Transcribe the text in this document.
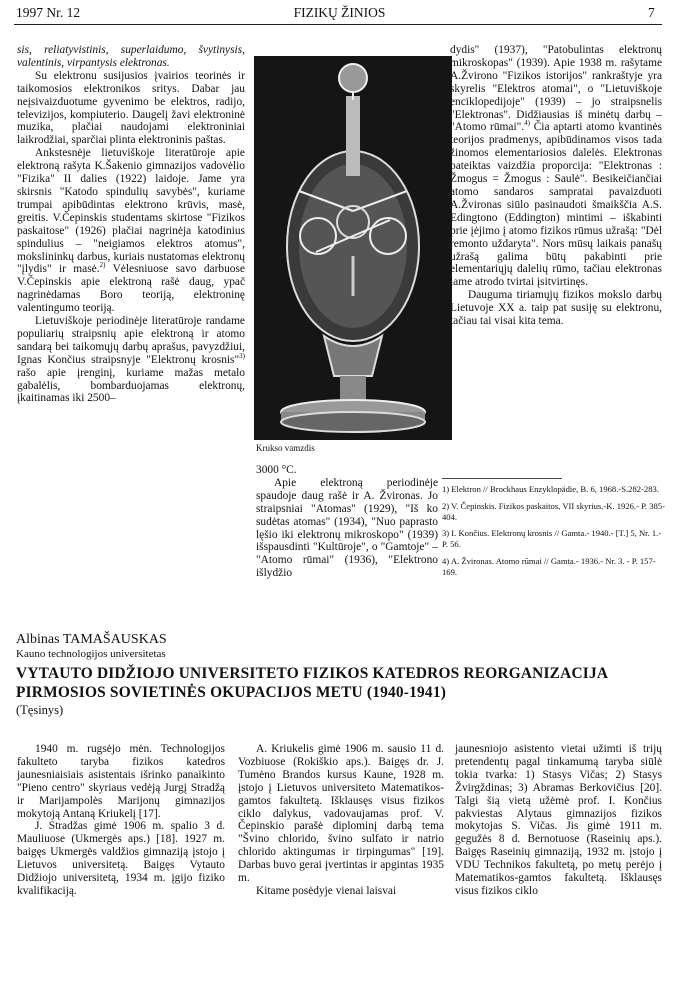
1997 Nr. 12	FIZIKŲ ŽINIOS	7

sis, reliatyvistinis, superlaidumo, švytinysis, valentinis, virpantysis elektronas.

Su elektronu susijusios įvairios teorinės ir taikomosios elektronikos sritys. Dabar jau neįsivaizduotume gyvenimo be elektros, radijo, televizijos, kompiuterio. Daugelį žavi elektroninė muzika, plačiai naudojami elektroniniai laikrodžiai, sparčiai plinta elektroninis paštas.

Ankstesnėje lietuviškoje literatūroje apie elektroną rašyta K.Šakenio gimnazijos vadovėlio "Fizika" II dalies (1922) laidoje. Jame yra skirsnis "Katodo spindulių savybės", kuriame trumpai apibūdintas elektrono krūvis, masė, greitis. V.Čepinskis studentams skirtose "Fizikos paskaitose" (1926) plačiai nagrinėja katodinius spindulius – "neigiamos elektros atomus", mokslininkų darbus, kuriais nustatomas elektronų "įlydis" ir masė.$^{2)}$ Vėlesniuose savo darbuose V.Čepinskis apie elektroną rašė daug, ypač nagrinėdamas Boro teoriją, elektroninę valentingumo teoriją.

Lietuviškoje periodinėje literatūroje randame populiarių straipsnių apie elektroną ir atomo sandarą bei taikomųjų darbų aprašus, pavyzdžiui, Ignas Končius straipsnyje "Elektronų krosnis"$^{3)}$ rašo apie įrenginį, kuriame mažas metalo gabalėlis, bombarduojamas elektronų, įkaitinamas iki 2500–

Kruksо vamzdis

3000 °C.

Apie elektroną periodinėje spaudoje daug rašė ir A. Žvironas. Jo straipsniai "Atomas" (1929), "Iš ko sudėtas atomas" (1934), "Nuo paprasto lęšio iki elektronų mikroskopo" (1939) išspausdinti "Kultūroje", o "Gamtoje" – "Atomo rūmai" (1936), "Elektrono išlydžio

dydis" (1937), "Patobulintas elektronų mikroskopas" (1939). Apie 1938 m. rašytame A.Žvirono "Fizikos istorijos" rankraštyje yra skyrelis "Elektros atomai", o "Lietuviškoje enciklopedijoje" (1939) – jo straipsnelis "Elektronas". Didžiausias iš minėtų darbų – "Atomo rūmai".$^{4)}$ Čia aptarti atomo kvantinės teorijos pradmenys, apibūdinamos visos tada žinomos elementariosios dalelės. Elektronas pateiktas vaizdžia proporcija: "Elektronas : Žmogus = Žmogus : Saulė". Besikeičiančiai atomo sandaros sampratai pavaizduoti A.Žvironas siūlo pasinaudoti šmaikščia A.S. Edingtono (Eddington) mintimi – iškabinti prie įėjimo į atomo fizikos rūmus užrašą: "Dėl remonto uždaryta". Nors mūsų laikais panašų užrašą galima būtų pakabinti prie elementariųjų dalelių rūmo, tačiau elektronas jame atrodo tvirtai įsitvirtinęs.

Dauguma tiriamųjų fizikos mokslo darbų Lietuvoje XX a. taip pat susiję su elektronu, tačiau tai visai kita tema.

1) Elektron // Brockhaus Enzyklopädie, B. 6, 1968.-S.282-283.

2) V. Čepinskis. Fizikos paskaitos, VII skyrius.-K. 1926.- P. 385-404.

3) I. Končius. Elektronų krosnis // Gamta.- 1940.- [T.] 5, Nr. 1.- P. 56.

4) A. Žvironas. Atomo rūmai // Gamta.- 1936.- Nr. 3. - P. 157-169.

Albinas TAMAŠAUSKAS
Kauno technologijos universitetas
VYTAUTO DIDŽIOJO UNIVERSITETO FIZIKOS KATEDROS REORGANIZACIJA PIRMOSIOS SOVIETINĖS OKUPACIJOS METU (1940-1941)
(Tęsinys)

1940 m. rugsėjo mėn. Technologijos fakulteto taryba fizikos katedros jaunesniaisiais asistentais išrinko panaikinto "Pieno centro" skyriaus vedėją Jurgį Stradžą ir Marijampolės Marijonų gimnazijos mokytoją Antaną Kriukelį [17].

J. Stradžas gimė 1906 m. spalio 3 d. Mauliuose (Ukmergės aps.) [18]. 1927 m. baigęs Ukmergės valdžios gimnaziją įstojo į Lietuvos universitetą. Baigęs Vytauto Didžiojo universitetą, 1934 m. įgijo fiziko kvalifikaciją.

A. Kriukelis gimė 1906 m. sausio 11 d. Vozbiuose (Rokiškio aps.). Baigęs dr. J. Tumėno Brandos kursus Kaune, 1928 m. įstojo į Lietuvos universiteto Matematikos-gamtos fakultetą. Išklausęs visus fizikos ciklo dalykus, vadovaujamas prof. V. Čepinskio parašė diplominį darbą tema "Švino chlorido, švino sulfato ir natrio chlorido aktingumas ir tirpingumas" [19]. Darbas buvo gerai įvertintas ir apgintas 1935 m.

Kitame posėdyje vienai laisvai

jaunesniojo asistento vietai užimti iš trijų pretendentų pagal tinkamumą taryba siūlė tokia tvarka: 1) Stasys Vičas; 2) Stasys Žvirgždinas; 3) Abramas Berkovičius [20]. Talgi šią vietą užėmė prof. I. Končius pakviestas Alytaus gimnazijos fizikos mokytojas S. Vičas. Jis gimė 1911 m. gegužės 8 d. Bernotuose (Raseinių aps.). Baigęs Raseinių gimnaziją, 1932 m. įstojo į VDU Technikos fakultetą, po metų perėjo į Matematikos-gamtos fakultetą. Išklausęs visus fizikos ciklo
